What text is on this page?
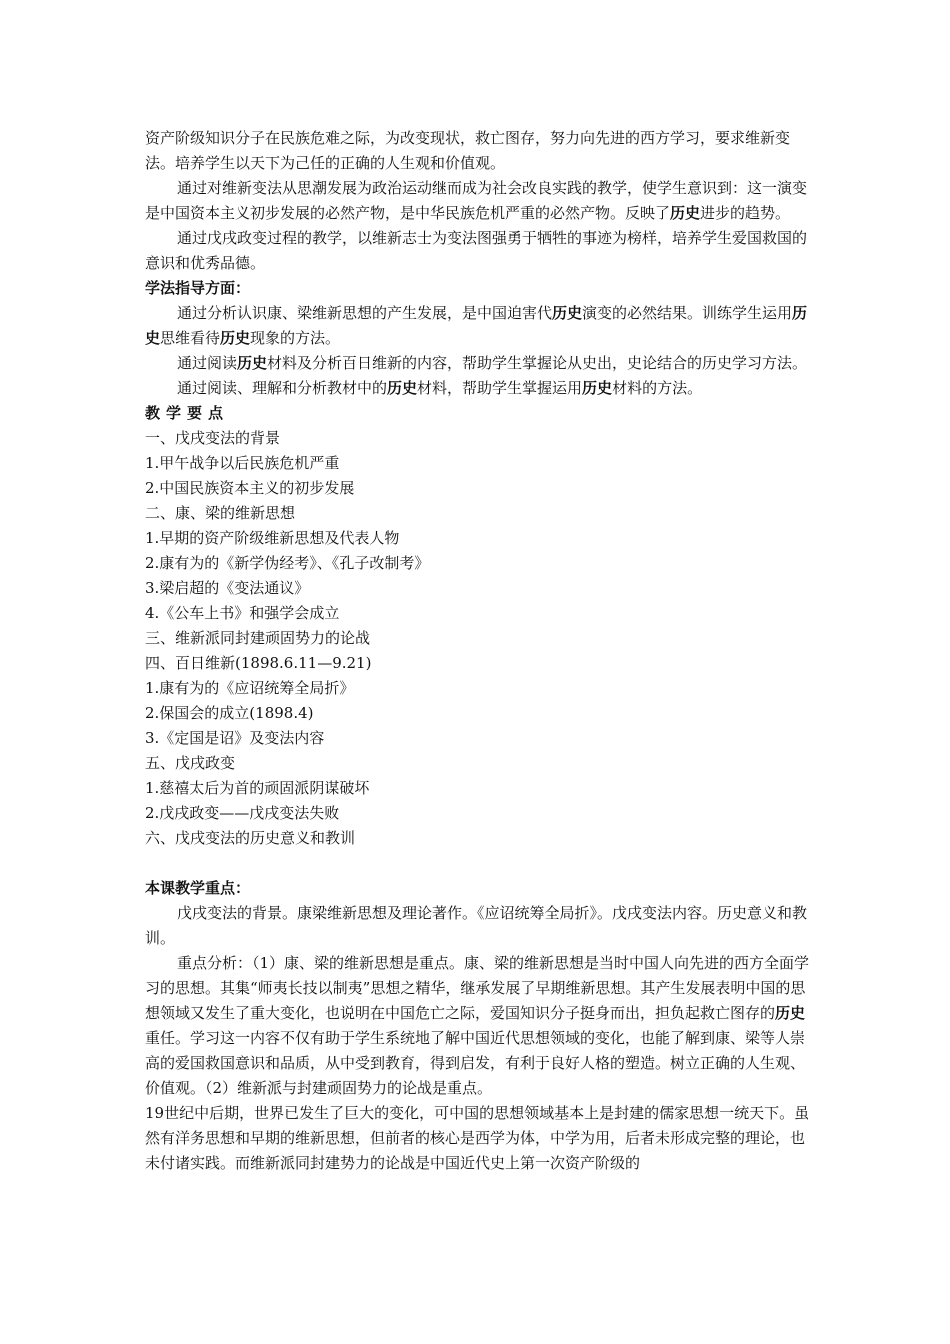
资产阶级知识分子在民族危难之际，为改变现状，救亡图存，努力向先进的西方学习，要求维新变法。培养学生以天下为己任的正确的人生观和价值观。

通过对维新变法从思潮发展为政治运动继而成为社会改良实践的教学，使学生意识到：这一演变是中国资本主义初步发展的必然产物，是中华民族危机严重的必然产物。反映了历史进步的趋势。

通过戊戌政变过程的教学，以维新志士为变法图强勇于牺牲的事迹为榜样，培养学生爱国救国的意识和优秀品德。

学法指导方面：

通过分析认识康、梁维新思想的产生发展，是中国迫害代历史演变的必然结果。训练学生运用历史思维看待历史现象的方法。

通过阅读历史材料及分析百日维新的内容，帮助学生掌握论从史出，史论结合的历史学习方法。

通过阅读、理解和分析教材中的历史材料，帮助学生掌握运用历史材料的方法。

教学要点

一、戊戌变法的背景

1.甲午战争以后民族危机严重

2.中国民族资本主义的初步发展

二、康、梁的维新思想

1.早期的资产阶级维新思想及代表人物

2.康有为的《新学伪经考》、《孔子改制考》

3.梁启超的《变法通议》

4.《公车上书》和强学会成立

三、维新派同封建顽固势力的论战

四、百日维新(1898.6.11—9.21)

1.康有为的《应诏统筹全局折》

2.保国会的成立(1898.4)

3.《定国是诏》及变法内容

五、戊戌政变

1.慈禧太后为首的顽固派阴谋破坏

2.戊戌政变——戊戌变法失败

六、戊戌变法的历史意义和教训

本课教学重点：

戊戌变法的背景。康梁维新思想及理论著作。《应诏统筹全局折》。戊戌变法内容。历史意义和教训。

重点分析：（1）康、梁的维新思想是重点。康、梁的维新思想是当时中国人向先进的西方全面学习的思想。其集“师夷长技以制夷”思想之精华，继承发展了早期维新思想。其产生发展表明中国的思想领域又发生了重大变化，也说明在中国危亡之际，爱国知识分子挺身而出，担负起救亡图存的历史重任。学习这一内容不仅有助于学生系统地了解中国近代思想领域的变化，也能了解到康、梁等人崇高的爱国救国意识和品质，从中受到教育，得到启发，有利于良好人格的塑造。树立正确的人生观、价值观。（2）维新派与封建顽固势力的论战是重点。

19世纪中后期，世界已发生了巨大的变化，可中国的思想领域基本上是封建的儒家思想一统天下。虽然有洋务思想和早期的维新思想，但前者的核心是西学为体，中学为用，后者未形成完整的理论，也未付诸实践。而维新派同封建势力的论战是中国近代史上第一次资产阶级的
